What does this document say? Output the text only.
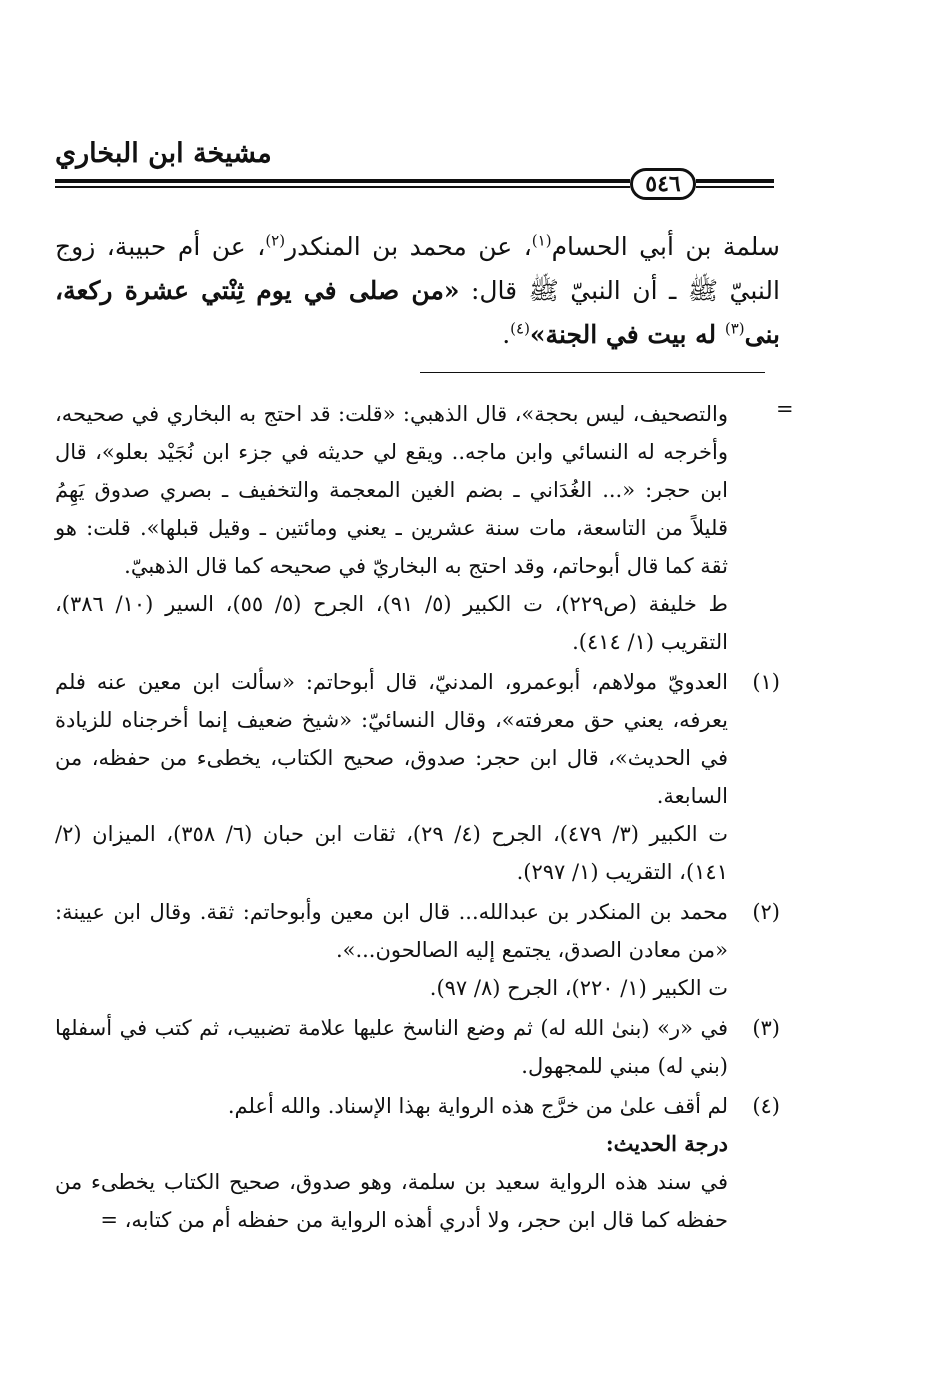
مشيخة ابن البخاري
٥٤٦

سلمة بن أبي الحسام$^{(١)}$، عن محمد بن المنكدر$^{(٢)}$، عن أم حبيبة، زوج النبيّ ﷺ ـ أن النبيّ ﷺ قال: «من صلى في يوم ثِنْتي عشرة ركعة، بنى$^{(٣)}$ له بيت في الجنة»$^{(٤)}$.

=
والتصحيف، ليس بحجة»، قال الذهبي: «قلت: قد احتج به البخاري في صحيحه، وأخرجه له النسائي وابن ماجه.. ويقع لي حديثه في جزء ابن نُجَيْد بعلو»، قال ابن حجر: «... الغُدَاني ـ بضم الغين المعجمة والتخفيف ـ بصري صدوق يَهِمُ قليلاً من التاسعة، مات سنة عشرين ـ يعني ومائتين ـ وقيل قبلها». قلت: هو ثقة كما قال أبوحاتم، وقد احتج به البخاريّ في صحيحه كما قال الذهبيّ.
ط خليفة (ص٢٢٩)، ت الكبير (٥/ ٩١)، الجرح (٥/ ٥٥)، السير (١٠/ ٣٨٦)، التقريب (١/ ٤١٤).
(١)
العدويّ مولاهم، أبوعمرو، المدنيّ، قال أبوحاتم: «سألت ابن معين عنه فلم يعرفه، يعني حق معرفته»، وقال النسائيّ: «شيخ ضعيف إنما أخرجناه للزيادة في الحديث»، قال ابن حجر: صدوق، صحيح الكتاب، يخطىء من حفظه، من السابعة.
ت الكبير (٣/ ٤٧٩)، الجرح (٤/ ٢٩)، ثقات ابن حبان (٦/ ٣٥٨)، الميزان (٢/ ١٤١)، التقريب (١/ ٢٩٧).
(٢)
محمد بن المنكدر بن عبدالله... قال ابن معين وأبوحاتم: ثقة. وقال ابن عيينة: «من معادن الصدق، يجتمع إليه الصالحون...».
ت الكبير (١/ ٢٢٠)، الجرح (٨/ ٩٧).
(٣)
في «ر» (بنىٰ الله له) ثم وضع الناسخ عليها علامة تضبيب، ثم كتب في أسفلها (بني له) مبني للمجهول.
(٤)
لم أقف علىٰ من خرَّج هذه الرواية بهذا الإسناد. والله أعلم.
درجة الحديث:
في سند هذه الرواية سعيد بن سلمة، وهو صدوق، صحيح الكتاب يخطىء من حفظه كما قال ابن حجر، ولا أدري أهذه الرواية من حفظه أم من كتابه، =
